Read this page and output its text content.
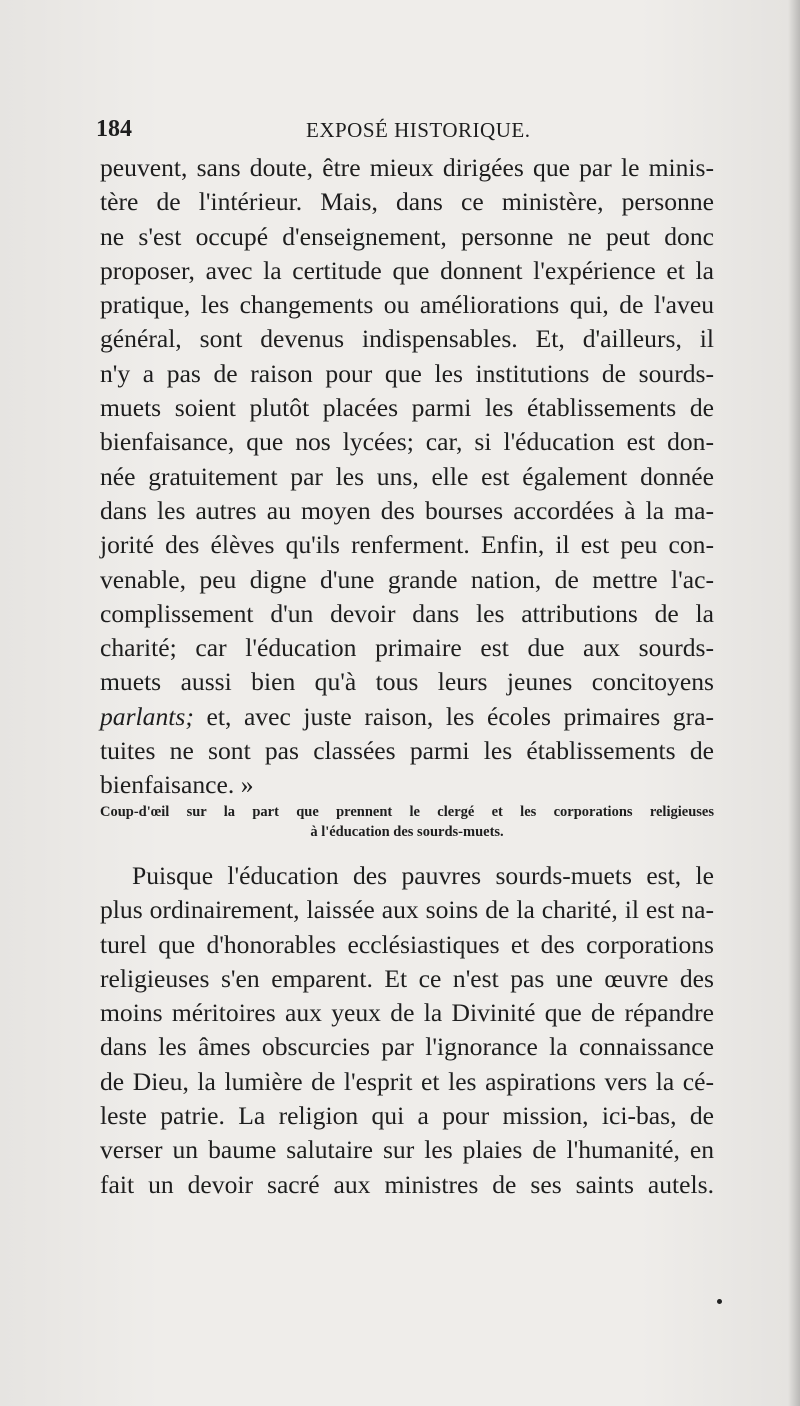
184	EXPOSÉ HISTORIQUE.
peuvent, sans doute, être mieux dirigées que par le minis-
tère de l'intérieur. Mais, dans ce ministère, personne
ne s'est occupé d'enseignement, personne ne peut donc
proposer, avec la certitude que donnent l'expérience et la
pratique, les changements ou améliorations qui, de l'aveu
général, sont devenus indispensables. Et, d'ailleurs, il
n'y a pas de raison pour que les institutions de sourds-
muets soient plutôt placées parmi les établissements de
bienfaisance, que nos lycées; car, si l'éducation est don-
née gratuitement par les uns, elle est également donnée
dans les autres au moyen des bourses accordées à la ma-
jorité des élèves qu'ils renferment. Enfin, il est peu con-
venable, peu digne d'une grande nation, de mettre l'ac-
complissement d'un devoir dans les attributions de la
charité; car l'éducation primaire est due aux sourds-
muets aussi bien qu'à tous leurs jeunes concitoyens
parlants; et, avec juste raison, les écoles primaires gra-
tuites ne sont pas classées parmi les établissements de
bienfaisance. »
Coup-d'œil sur la part que prennent le clergé et les corporations religieuses
à l'éducation des sourds-muets.
Puisque l'éducation des pauvres sourds-muets est, le
plus ordinairement, laissée aux soins de la charité, il est na-
turel que d'honorables ecclésiastiques et des corporations
religieuses s'en emparent. Et ce n'est pas une œuvre des
moins méritoires aux yeux de la Divinité que de répandre
dans les âmes obscurcies par l'ignorance la connaissance
de Dieu, la lumière de l'esprit et les aspirations vers la cé-
leste patrie. La religion qui a pour mission, ici-bas, de
verser un baume salutaire sur les plaies de l'humanité, en
fait un devoir sacré aux ministres de ses saints autels.
